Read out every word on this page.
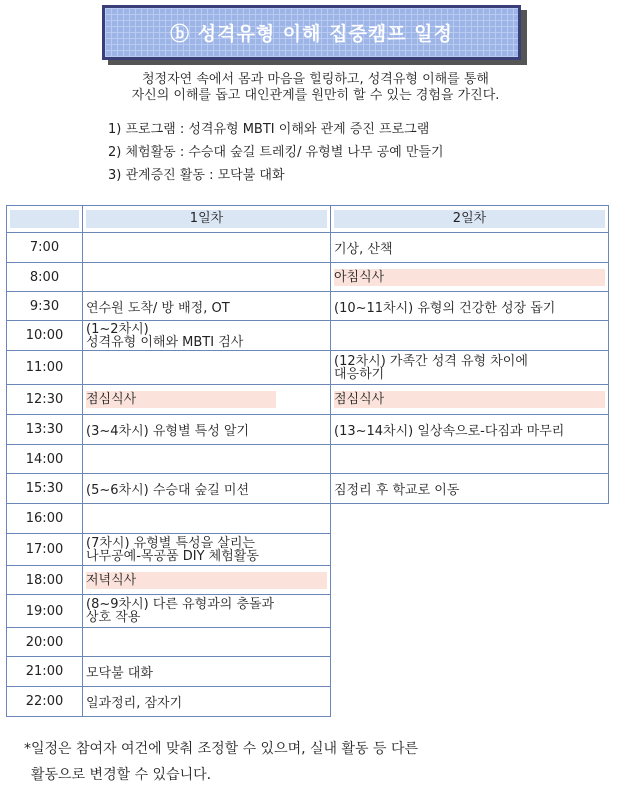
ⓑ 성격유형 이해 집중캠프 일정
청정자연 속에서 몸과 마음을 힐링하고, 성격유형 이해를 통해
자신의 이해를 돕고 대인관계를 원만히 할 수 있는 경험을 가진다.
1) 프로그램 : 성격유형 MBTI 이해와 관계 증진 프로그램
2) 체험활동 : 수승대 숲길 트레킹/ 유형별 나무 공예 만들기
3) 관계증진 활동 : 모닥불 대화

	1일차	2일차

7:00		기상, 산책
8:00		아침식사
9:30	연수원 도착/ 방 배정, OT	(10~11차시) 유형의 건강한 성장 돕기
10:00	(1~2차시)
성격유형 이해와 MBTI 검사	

11:00		(12차시) 가족간 성격 유형 차이에
대응하기

12:30	점심식사	점심식사
13:30	(3~4차시) 유형별 특성 알기	(13~14차시) 일상속으로-다짐과 마무리
14:00		
15:30	(5~6차시) 수승대 숲길 미션	짐정리 후 학교로 이동
16:00		
17:00	(7차시) 유형별 특성을 살리는
나무공예-목공품 DIY 체험활동	

18:00	저녁식사	
19:00	(8~9차시) 다른 유형과의 충돌과
상호 작용	

20:00		
21:00	모닥불 대화	
22:00	일과정리, 잠자기	
*일정은 참여자 여건에 맞춰 조정할 수 있으며, 실내 활동 등 다른
활동으로 변경할 수 있습니다.
